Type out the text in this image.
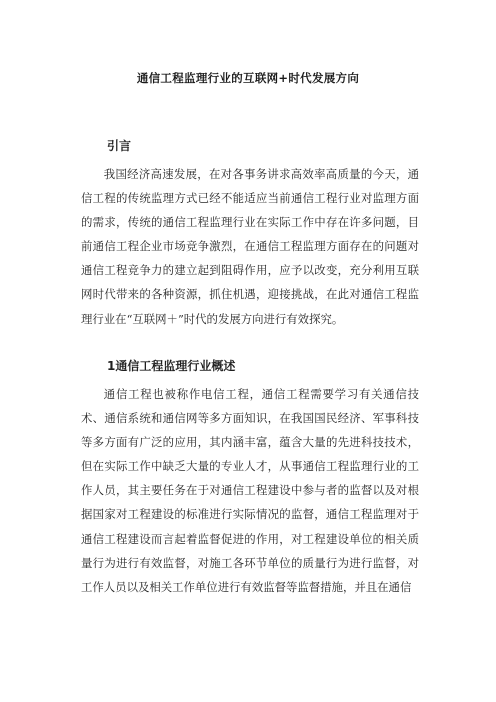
通信工程监理行业的互联网+时代发展方向
引言

我国经济高速发展，在对各事务讲求高效率高质量的今天，通信工程的传统监理方式已经不能适应当前通信工程行业对监理方面的需求，传统的通信工程监理行业在实际工作中存在许多问题，目前通信工程企业市场竞争激烈，在通信工程监理方面存在的问题对通信工程竞争力的建立起到阻碍作用，应予以改变，充分利用互联网时代带来的各种资源，抓住机遇，迎接挑战，在此对通信工程监理行业在“互联网＋”时代的发展方向进行有效探究。

1通信工程监理行业概述

通信工程也被称作电信工程，通信工程需要学习有关通信技术、通信系统和通信网等多方面知识，在我国国民经济、军事科技等多方面有广泛的应用，其内涵丰富，蕴含大量的先进科技技术，但在实际工作中缺乏大量的专业人才，从事通信工程监理行业的工作人员，其主要任务在于对通信工程建设中参与者的监督以及对根据国家对工程建设的标准进行实际情况的监督，通信工程监理对于通信工程建设而言起着监督促进的作用，对工程建设单位的相关质量行为进行有效监督，对施工各环节单位的质量行为进行监督，对工作人员以及相关工作单位进行有效监督等监督措施，并且在通信
